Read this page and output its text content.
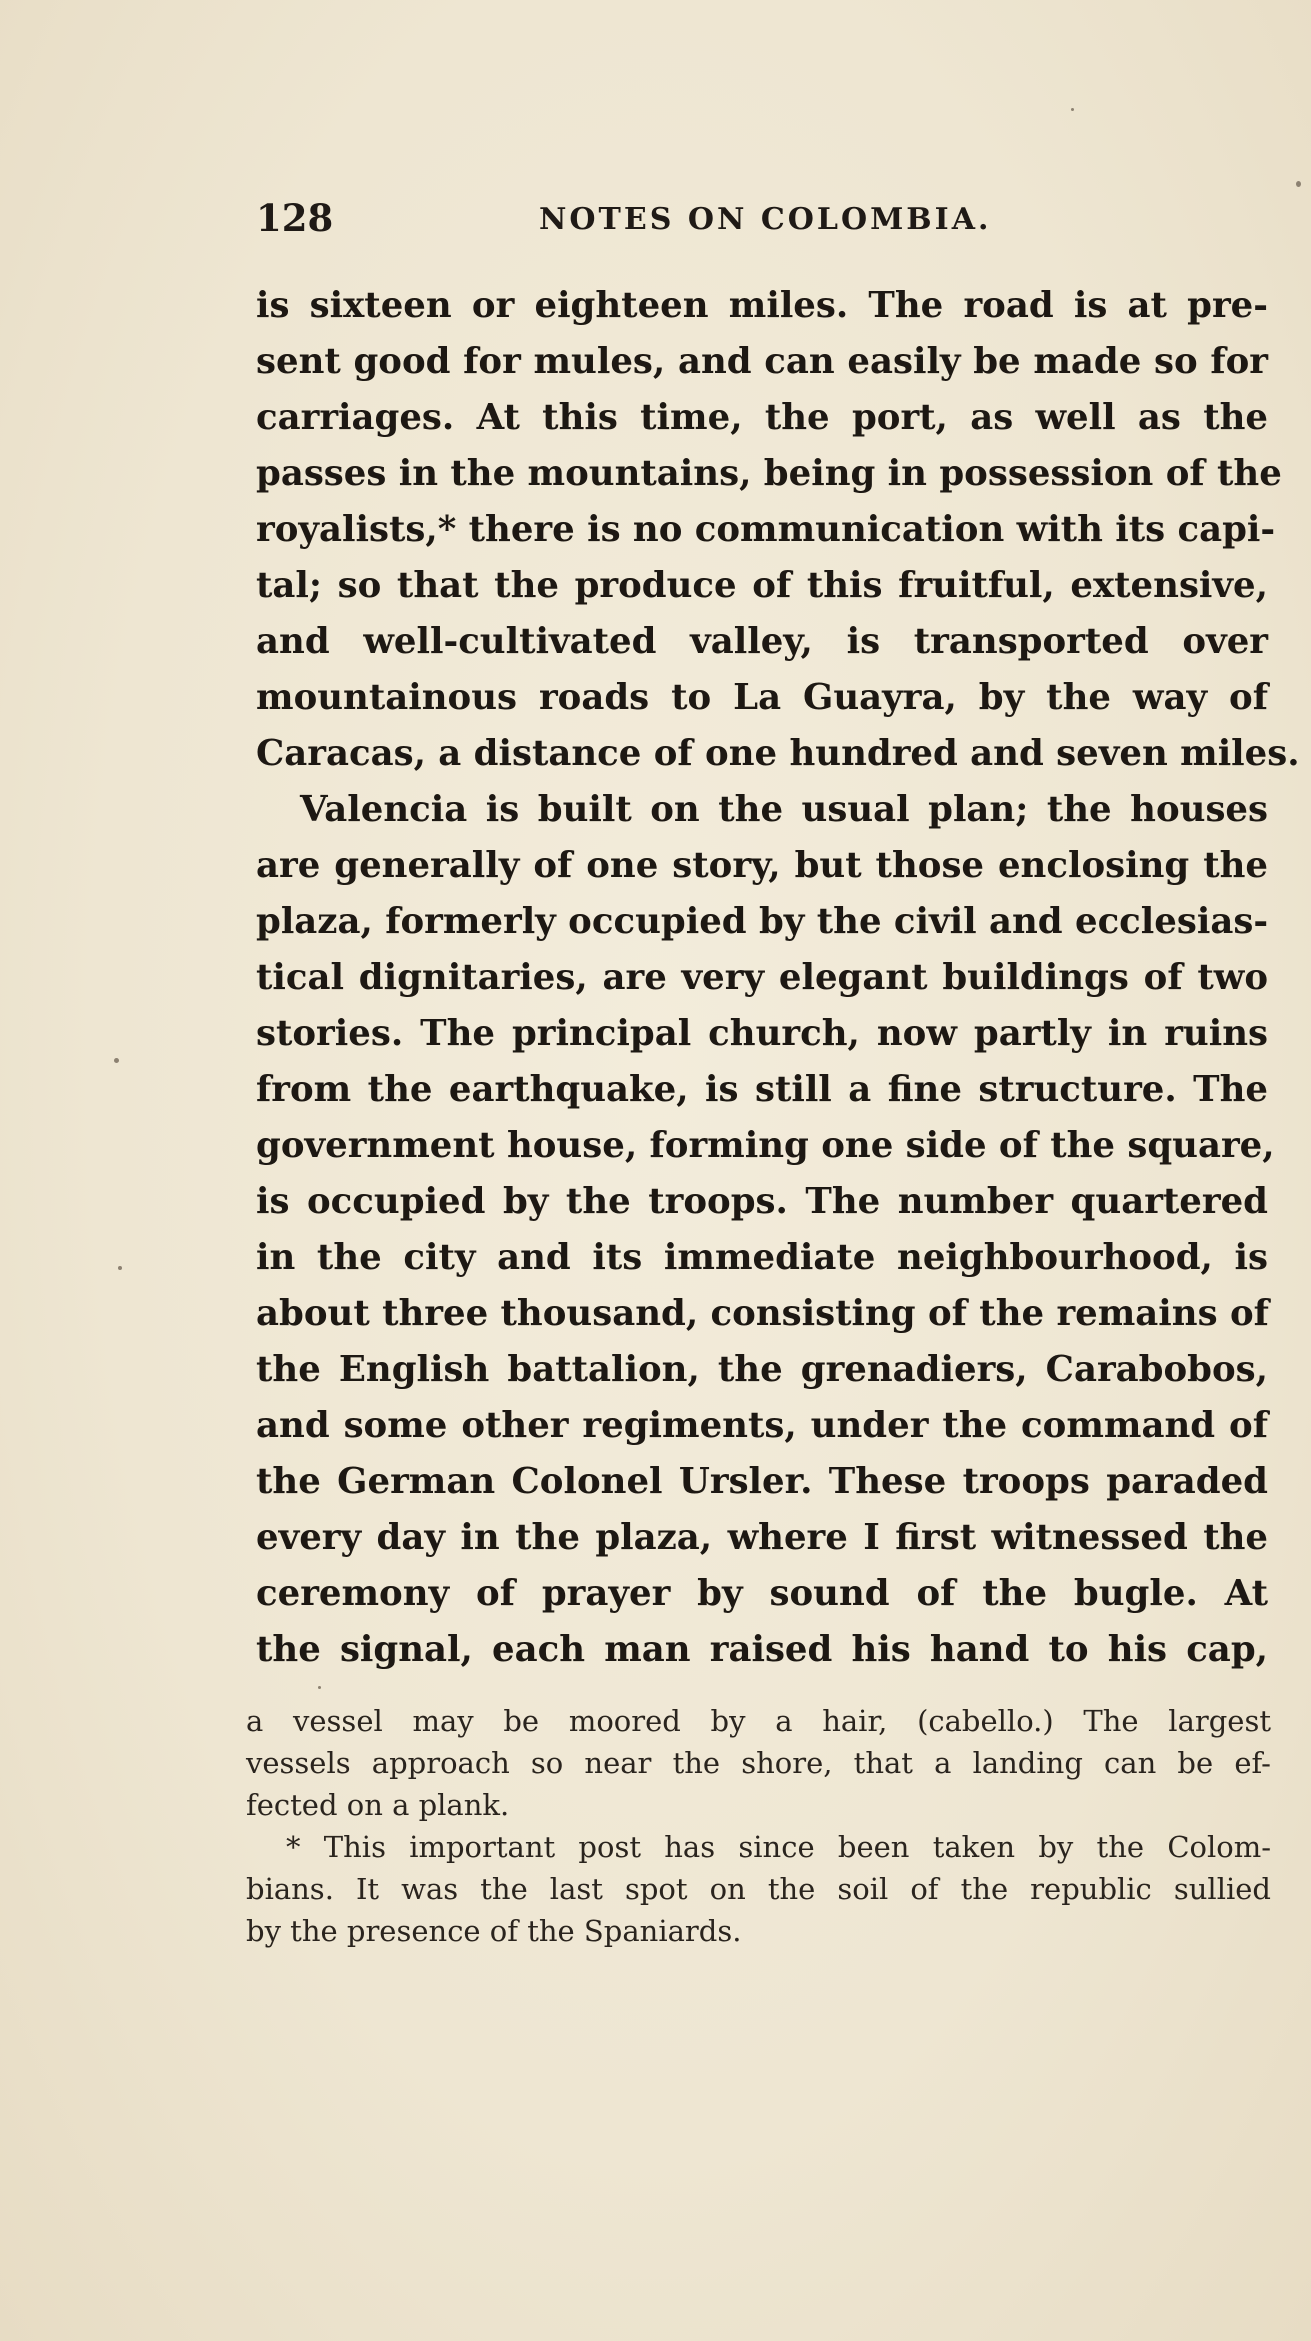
128	NOTES ON COLOMBIA.
is sixteen or eighteen miles. The road is at pre-
sent good for mules, and can easily be made so for
carriages. At this time, the port, as well as the
passes in the mountains, being in possession of the
royalists,* there is no communication with its capi-
tal; so that the produce of this fruitful, extensive,
and well-cultivated valley, is transported over
mountainous roads to La Guayra, by the way of
Caracas, a distance of one hundred and seven miles.
Valencia is built on the usual plan; the houses
are generally of one story, but those enclosing the
plaza, formerly occupied by the civil and ecclesias-
tical dignitaries, are very elegant buildings of two
stories. The principal church, now partly in ruins
from the earthquake, is still a fine structure. The
government house, forming one side of the square,
is occupied by the troops. The number quartered
in the city and its immediate neighbourhood, is
about three thousand, consisting of the remains of
the English battalion, the grenadiers, Carabobos,
and some other regiments, under the command of
the German Colonel Ursler. These troops paraded
every day in the plaza, where I first witnessed the
ceremony of prayer by sound of the bugle. At
the signal, each man raised his hand to his cap,
a vessel may be moored by a hair, (cabello.) The largest
vessels approach so near the shore, that a landing can be ef-
fected on a plank.
* This important post has since been taken by the Colom-
bians. It was the last spot on the soil of the republic sullied
by the presence of the Spaniards.
